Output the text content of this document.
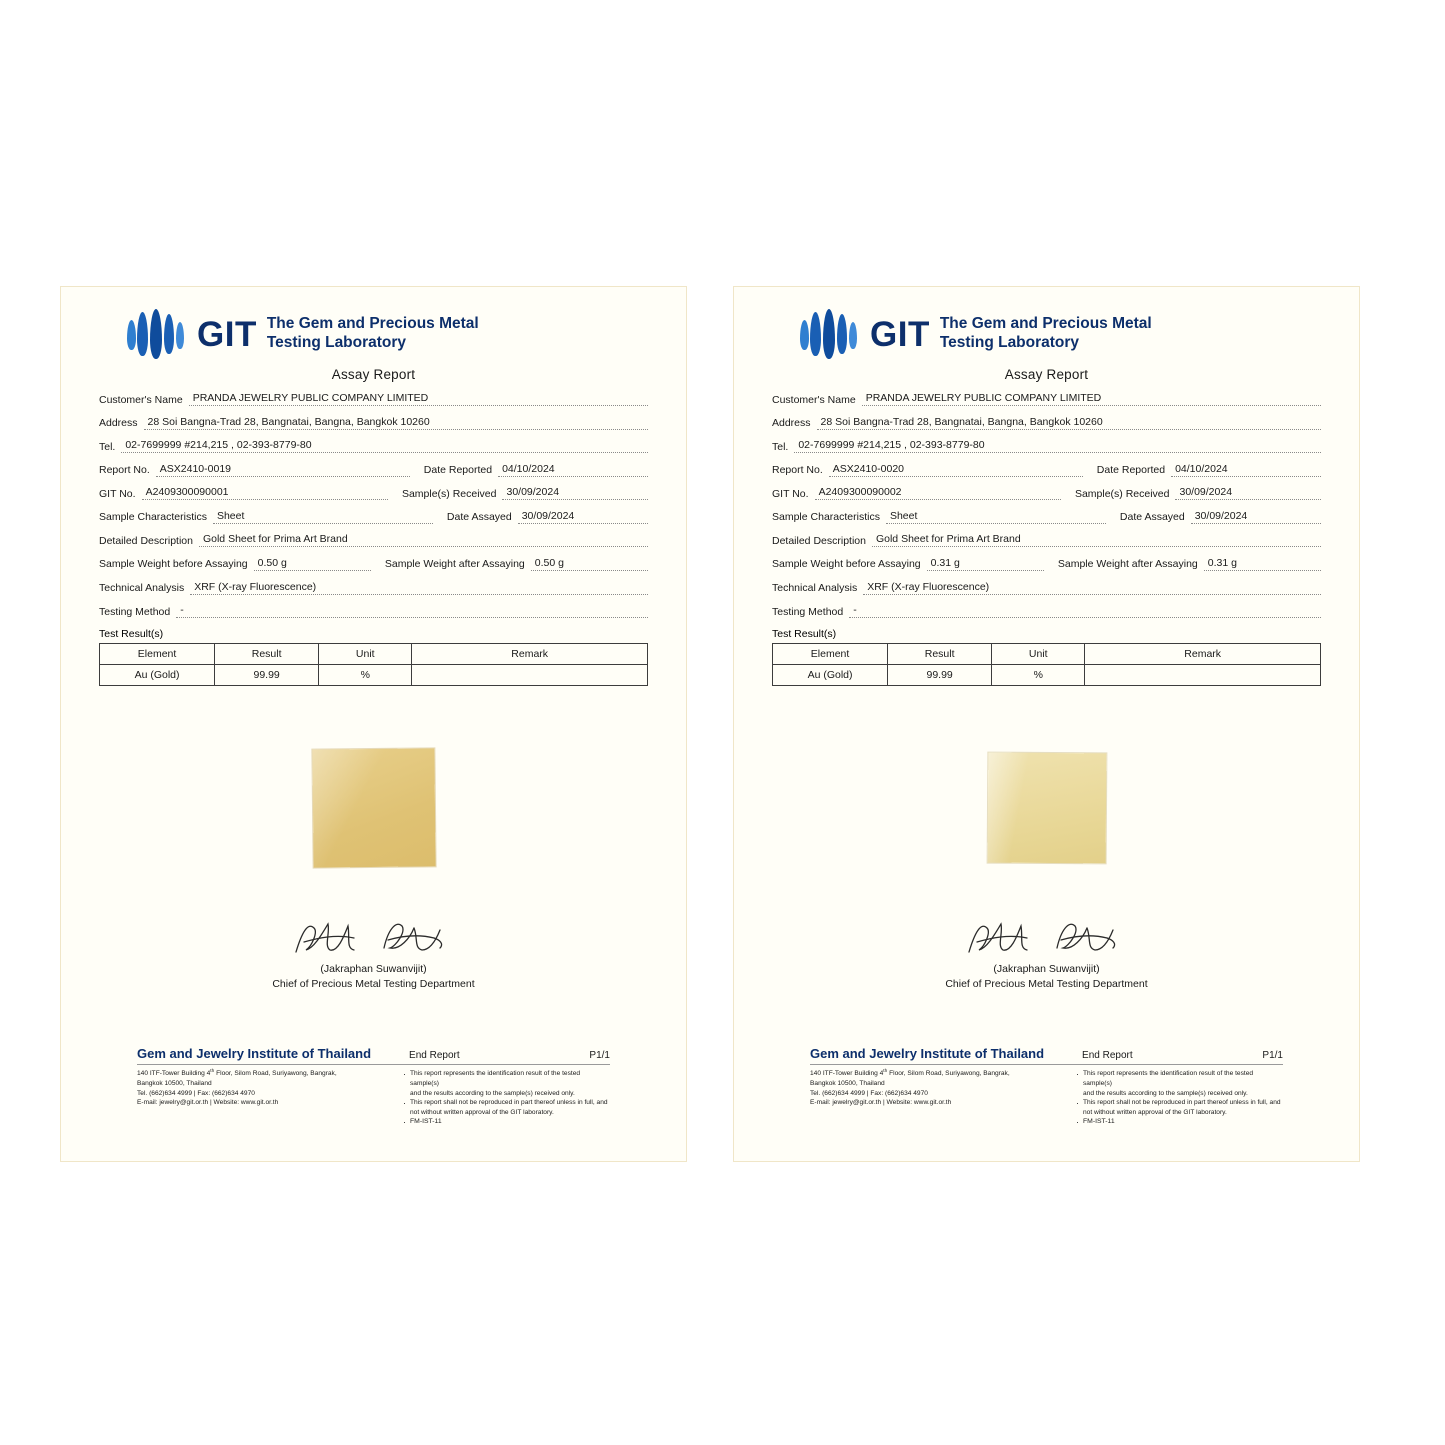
GIT The Gem and Precious Metal
Testing Laboratory
Assay Report
Customer's Name PRANDA JEWELRY PUBLIC COMPANY LIMITED
Address 28 Soi Bangna-Trad 28, Bangnatai, Bangna, Bangkok 10260
Tel. 02-7699999 #214,215 , 02-393-8779-80
Report No. ASX2410-0019	Date Reported 04/10/2024
GIT No. A2409300090001	Sample(s) Received 30/09/2024
Sample Characteristics Sheet	Date Assayed 30/09/2024
Detailed Description Gold Sheet for Prima Art Brand
Sample Weight before Assaying 0.50 g	Sample Weight after Assaying 0.50 g
Technical Analysis XRF (X-ray Fluorescence)
Testing Method -
Test Result(s)
Element	Result	Unit	Remark
Au (Gold)	99.99	%	
(Jakraphan Suwanvijit)
Chief of Precious Metal Testing Department
Gem and Jewelry Institute of Thailand	End Report	P1/1
140 ITF-Tower Building 4th Floor, Silom Road, Suriyawong, Bangrak,
Bangkok 10500, Thailand
Tel. (662)634 4999 | Fax: (662)634 4970
E-mail: jewelry@git.or.th | Website: www.git.or.th
· This report represents the identification result of the tested sample(s)
and the results according to the sample(s) received only.
· This report shall not be reproduced in part thereof unless in full, and
not without written approval of the GIT laboratory.
· FM-IST-11
GIT The Gem and Precious Metal
Testing Laboratory
Assay Report
Customer's Name PRANDA JEWELRY PUBLIC COMPANY LIMITED
Address 28 Soi Bangna-Trad 28, Bangnatai, Bangna, Bangkok 10260
Tel. 02-7699999 #214,215 , 02-393-8779-80
Report No. ASX2410-0020	Date Reported 04/10/2024
GIT No. A2409300090002	Sample(s) Received 30/09/2024
Sample Characteristics Sheet	Date Assayed 30/09/2024
Detailed Description Gold Sheet for Prima Art Brand
Sample Weight before Assaying 0.31 g	Sample Weight after Assaying 0.31 g
Technical Analysis XRF (X-ray Fluorescence)
Testing Method -
Test Result(s)
Element	Result	Unit	Remark
Au (Gold)	99.99	%	
(Jakraphan Suwanvijit)
Chief of Precious Metal Testing Department
Gem and Jewelry Institute of Thailand	End Report	P1/1
140 ITF-Tower Building 4th Floor, Silom Road, Suriyawong, Bangrak,
Bangkok 10500, Thailand
Tel. (662)634 4999 | Fax: (662)634 4970
E-mail: jewelry@git.or.th | Website: www.git.or.th
· This report represents the identification result of the tested sample(s)
and the results according to the sample(s) received only.
· This report shall not be reproduced in part thereof unless in full, and
not without written approval of the GIT laboratory.
· FM-IST-11
